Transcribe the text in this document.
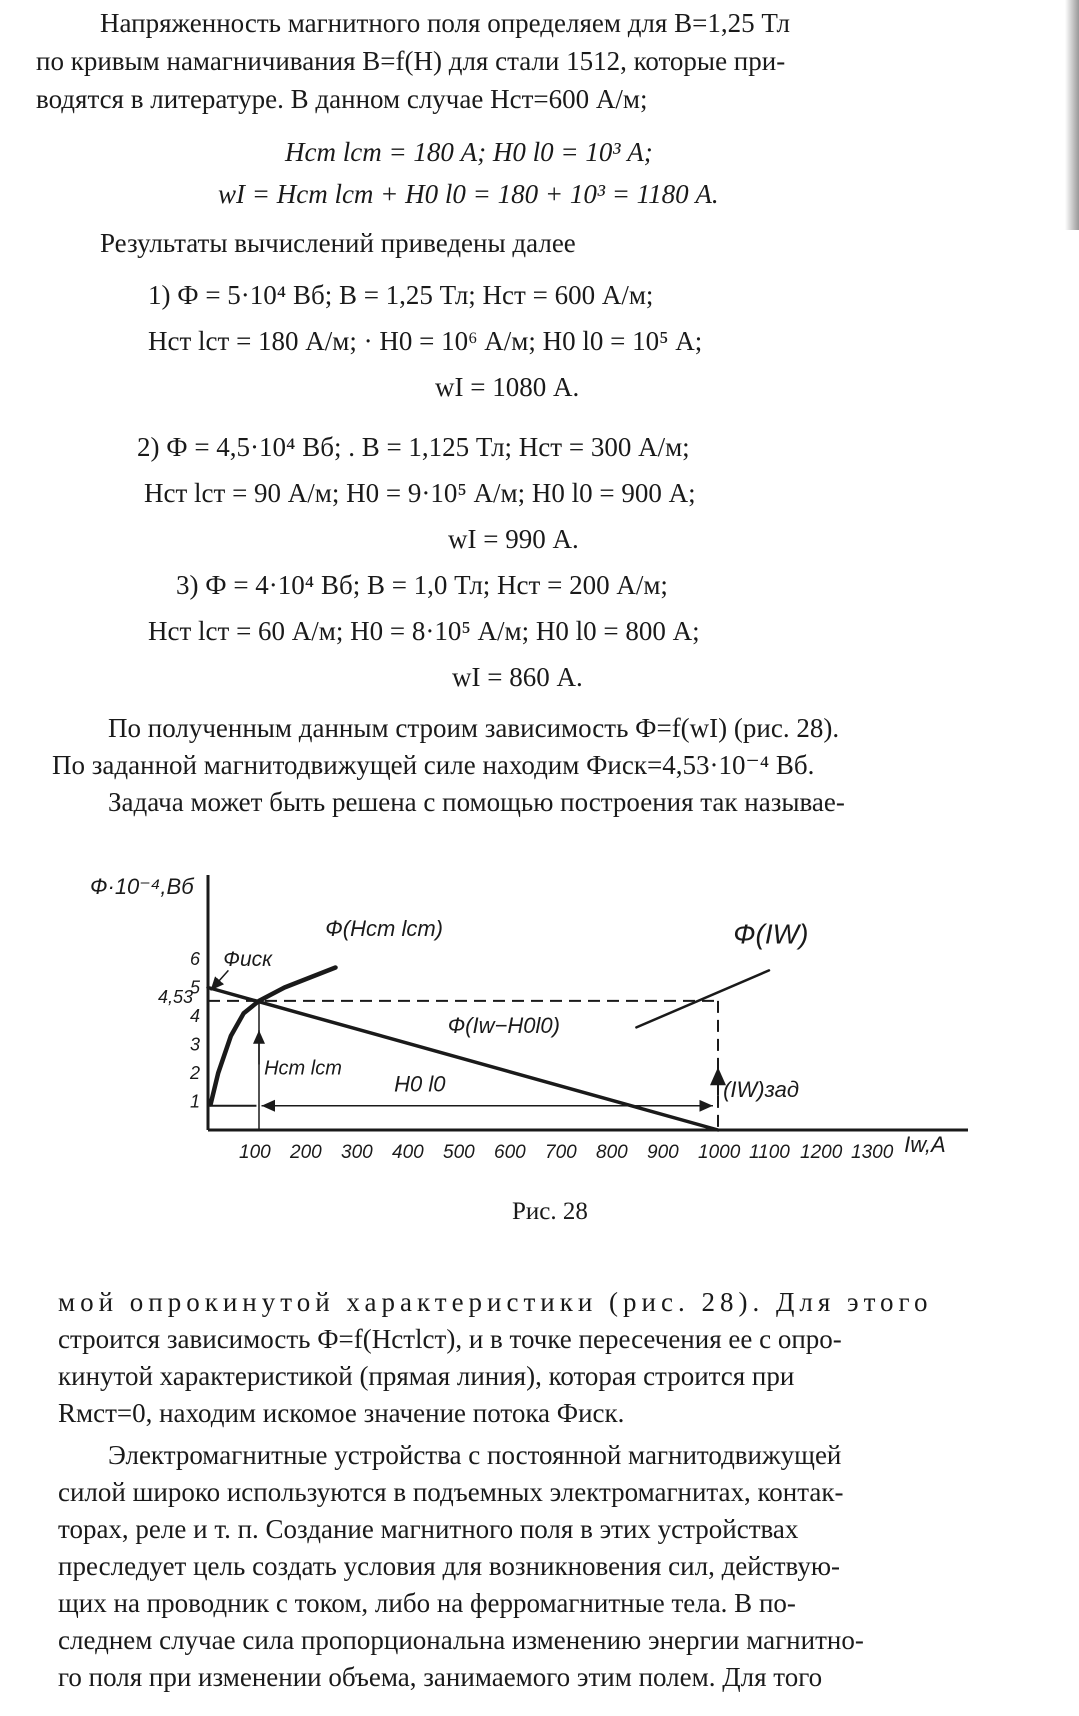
Напряженность магнитного поля определяем для B=1,25 Тл
по кривым намагничивания B=f(H) для стали 1512, которые при-
водятся в литературе. В данном случае Hст=600 А/м;
Hст lст = 180 А; H0 l0 = 10³ А;
wI = Hст lст + H0 l0 = 180 + 10³ = 1180 А.
Результаты вычислений приведены далее
1) Ф = 5·10⁴ Вб; B = 1,25 Тл; Hст = 600 А/м;
Hст lст = 180 А/м; · H0 = 10⁶ А/м; H0 l0 = 10⁵ А;
wI = 1080 А.
2) Ф = 4,5·10⁴ Вб; . B = 1,125 Тл; Hст = 300 А/м;
Hст lст = 90 А/м; H0 = 9·10⁵ А/м; H0 l0 = 900 А;
wI = 990 А.
3) Ф = 4·10⁴ Вб; B = 1,0 Тл; Hст = 200 А/м;
Hст lст = 60 А/м; H0 = 8·10⁵ А/м; H0 l0 = 800 А;
wI = 860 А.
По полученным данным строим зависимость Ф=f(wI) (рис. 28).
По заданной магнитодвижущей силе находим Фиск=4,53·10⁻⁴ Вб.
Задача может быть решена с помощью построения так называе-
Ф·10⁻⁴,Вб
Iw,A
100 200 300 400 500 600 700 800 900 1000 1100 1200 1300
1
2
3
4
4,53
5
6 Фиск
Hcm lcm
H0 l0	(IW)зад
Ф(Hcm lcm)	Ф(IW)
Ф(Iw−H0l0)
Рис. 28
мой опрокинутой характеристики (рис. 28). Для этого
строится зависимость Ф=f(Hстlст), и в точке пересечения ее с опро-
кинутой характеристикой (прямая линия), которая строится при
Rмст=0, находим искомое значение потока Фиск.
Электромагнитные устройства с постоянной магнитодвижущей
силой широко используются в подъемных электромагнитах, контак-
торах, реле и т. п. Создание магнитного поля в этих устройствах
преследует цель создать условия для возникновения сил, действую-
щих на проводник с током, либо на ферромагнитные тела. В по-
следнем случае сила пропорциональна изменению энергии магнитно-
го поля при изменении объема, занимаемого этим полем. Для того
